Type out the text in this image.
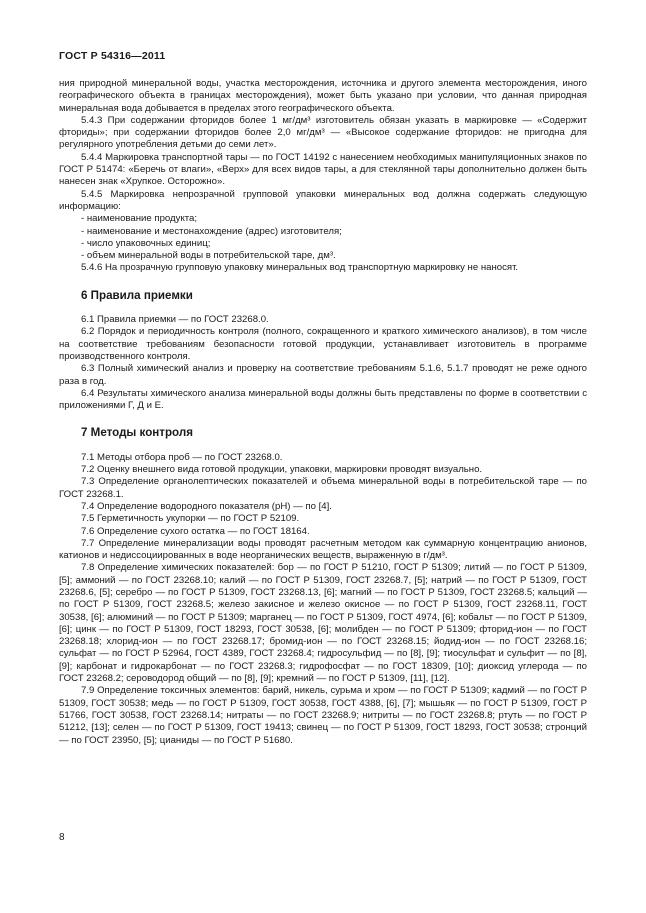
ГОСТ Р 54316—2011

ния природной минеральной воды, участка месторождения, источника и другого элемента месторождения, иного географического объекта в границах месторождения), может быть указано при условии, что данная природная минеральная вода добывается в пределах этого географического объекта.

5.4.3 При содержании фторидов более 1 мг/дм³ изготовитель обязан указать в маркировке — «Содержит фториды»; при содержании фторидов более 2,0 мг/дм³ — «Высокое содержание фторидов: не пригодна для регулярного употребления детьми до семи лет».

5.4.4 Маркировка транспортной тары — по ГОСТ 14192 с нанесением необходимых манипуляционных знаков по ГОСТ Р 51474: «Беречь от влаги», «Верх» для всех видов тары, а для стеклянной тары дополнительно должен быть нанесен знак «Хрупкое. Осторожно».

5.4.5 Маркировка непрозрачной групповой упаковки минеральных вод должна содержать следующую информацию:

- наименование продукта;

- наименование и местонахождение (адрес) изготовителя;

- число упаковочных единиц;

- объем минеральной воды в потребительской таре, дм³.

5.4.6 На прозрачную групповую упаковку минеральных вод транспортную маркировку не наносят.

6 Правила приемки

6.1 Правила приемки — по ГОСТ 23268.0.

6.2 Порядок и периодичность контроля (полного, сокращенного и краткого химического анализов), в том числе на соответствие требованиям безопасности готовой продукции, устанавливает изготовитель в программе производственного контроля.

6.3 Полный химический анализ и проверку на соответствие требованиям 5.1.6, 5.1.7 проводят не реже одного раза в год.

6.4 Результаты химического анализа минеральной воды должны быть представлены по форме в соответствии с приложениями Г, Д и Е.

7 Методы контроля

7.1 Методы отбора проб — по ГОСТ 23268.0.

7.2 Оценку внешнего вида готовой продукции, упаковки, маркировки проводят визуально.

7.3 Определение органолептических показателей и объема минеральной воды в потребительской таре — по ГОСТ 23268.1.

7.4 Определение водородного показателя (рН) — по [4].

7.5 Герметичность укупорки — по ГОСТ Р 52109.

7.6 Определение сухого остатка — по ГОСТ 18164.

7.7 Определение минерализации воды проводят расчетным методом как суммарную концентрацию анионов, катионов и недиссоциированных в воде неорганических веществ, выраженную в г/дм³.

7.8 Определение химических показателей: бор — по ГОСТ Р 51210, ГОСТ Р 51309; литий — по ГОСТ Р 51309, [5]; аммоний — по ГОСТ 23268.10; калий — по ГОСТ Р 51309, ГОСТ 23268.7, [5]; натрий — по ГОСТ Р 51309, ГОСТ 23268.6, [5]; серебро — по ГОСТ Р 51309, ГОСТ 23268.13, [6]; магний — по ГОСТ Р 51309, ГОСТ 23268.5; кальций — по ГОСТ Р 51309, ГОСТ 23268.5; железо закисное и железо окисное — по ГОСТ Р 51309, ГОСТ 23268.11, ГОСТ 30538, [6]; алюминий — по ГОСТ Р 51309; марганец — по ГОСТ Р 51309, ГОСТ 4974, [6]; кобальт — по ГОСТ Р 51309, [6]; цинк — по ГОСТ Р 51309, ГОСТ 18293, ГОСТ 30538, [6]; молибден — по ГОСТ Р 51309; фторид-ион — по ГОСТ 23268.18; хлорид-ион — по ГОСТ 23268.17; бромид-ион — по ГОСТ 23268.15; йодид-ион — по ГОСТ 23268.16; сульфат — по ГОСТ Р 52964, ГОСТ 4389, ГОСТ 23268.4; гидросульфид — по [8], [9]; тиосульфат и сульфит — по [8], [9]; карбонат и гидрокарбонат — по ГОСТ 23268.3; гидрофосфат — по ГОСТ 18309, [10]; диоксид углерода — по ГОСТ 23268.2; сероводород общий — по [8], [9]; кремний — по ГОСТ Р 51309, [11], [12].

7.9 Определение токсичных элементов: барий, никель, сурьма и хром — по ГОСТ Р 51309; кадмий — по ГОСТ Р 51309, ГОСТ 30538; медь — по ГОСТ Р 51309, ГОСТ 30538, ГОСТ 4388, [6], [7]; мышьяк — по ГОСТ Р 51309, ГОСТ Р 51766, ГОСТ 30538, ГОСТ 23268.14; нитраты — по ГОСТ 23268.9; нитриты — по ГОСТ 23268.8; ртуть — по ГОСТ Р 51212, [13]; селен — по ГОСТ Р 51309, ГОСТ 19413; свинец — по ГОСТ Р 51309, ГОСТ 18293, ГОСТ 30538; стронций — по ГОСТ 23950, [5]; цианиды — по ГОСТ Р 51680.

8
